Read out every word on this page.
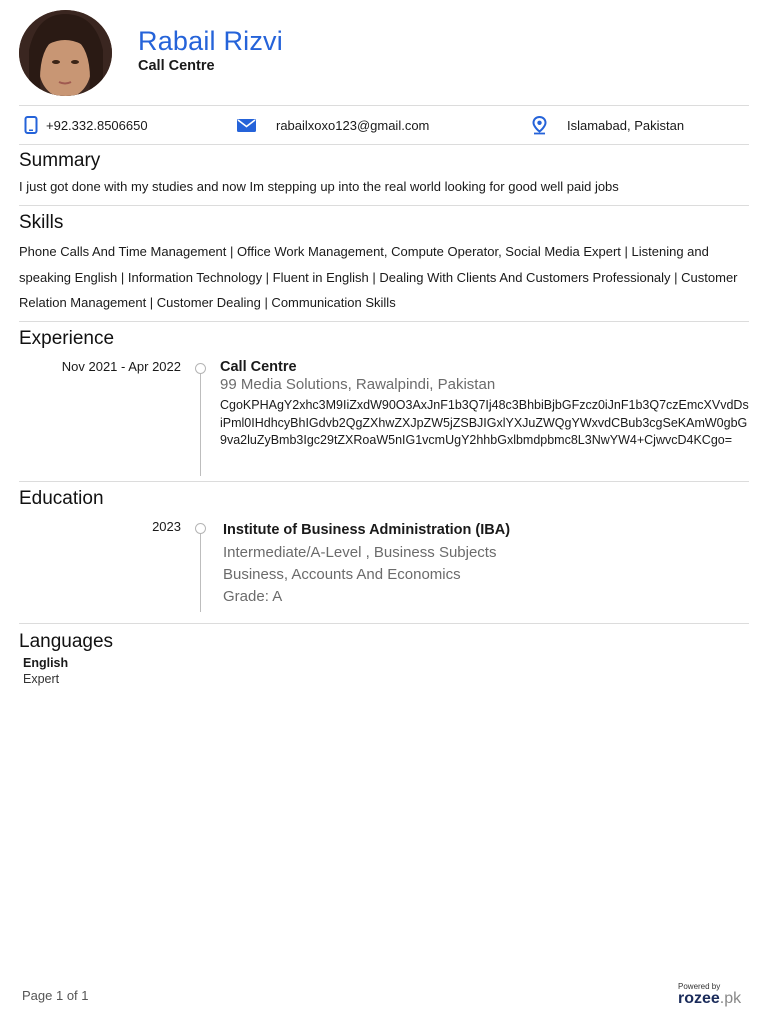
Rabail Rizvi
Call Centre
+92.332.8506650	rabailxoxo123@gmail.com	Islamabad, Pakistan
Summary
I just got done with my studies and now Im stepping up into the real world looking for good well paid jobs
Skills
Phone Calls And Time Management | Office Work Management, Compute Operator, Social Media Expert | Listening and speaking English | Information Technology | Fluent in English | Dealing With Clients And Customers Professionaly | Customer Relation Management | Customer Dealing | Communication Skills
Experience
Nov 2021 - Apr 2022	Call Centre
99 Media Solutions, Rawalpindi, Pakistan
CgoKPHAgY2xhc3M9IiZxdW90O3AxJnF1b3Q7Ij48c3BhbiBjbGFzcz0iJnF1b3Q7czEmcXVvdDsiPml0IHdhcyBhIGdvb2QgZXhwZXJpZW5jZSBJIGxlYXJuZWQgYWxvdCBub3cgSeKAmW0gbG9va2luZyBmb3Igc29tZXRoaW5nIG1vcmUgY2hhbGxlbmdpbmc8L3NwYW4+CjwvcD4KCgo=
Education
2023	Institute of Business Administration (IBA)
Intermediate/A-Level , Business Subjects
Business, Accounts And Economics
Grade: A
Languages
English
Expert
Page 1 of 1
Powered by
rozee.pk
